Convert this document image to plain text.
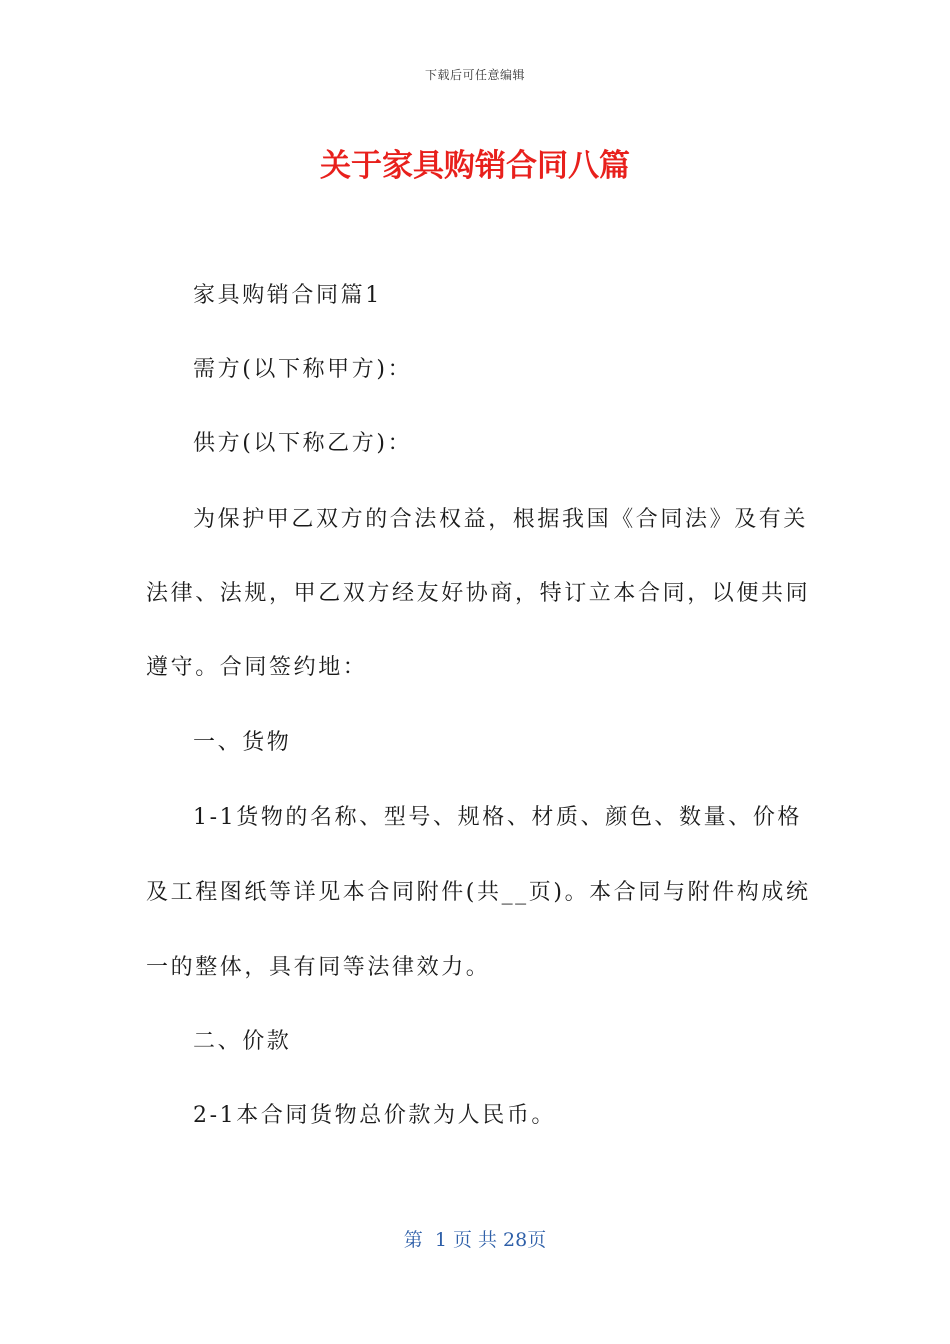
下载后可任意编辑
关于家具购销合同八篇
家具购销合同篇1
需方(以下称甲方)：
供方(以下称乙方)：
为保护甲乙双方的合法权益，根据我国《合同法》及有关
法律、法规，甲乙双方经友好协商，特订立本合同，以便共同
遵守。合同签约地：
一、货物
1-1货物的名称、型号、规格、材质、颜色、数量、价格
及工程图纸等详见本合同附件(共__页)。本合同与附件构成统
一的整体，具有同等法律效力。
二、价款
2-1本合同货物总价款为人民币。
第  1 页 共 28页
